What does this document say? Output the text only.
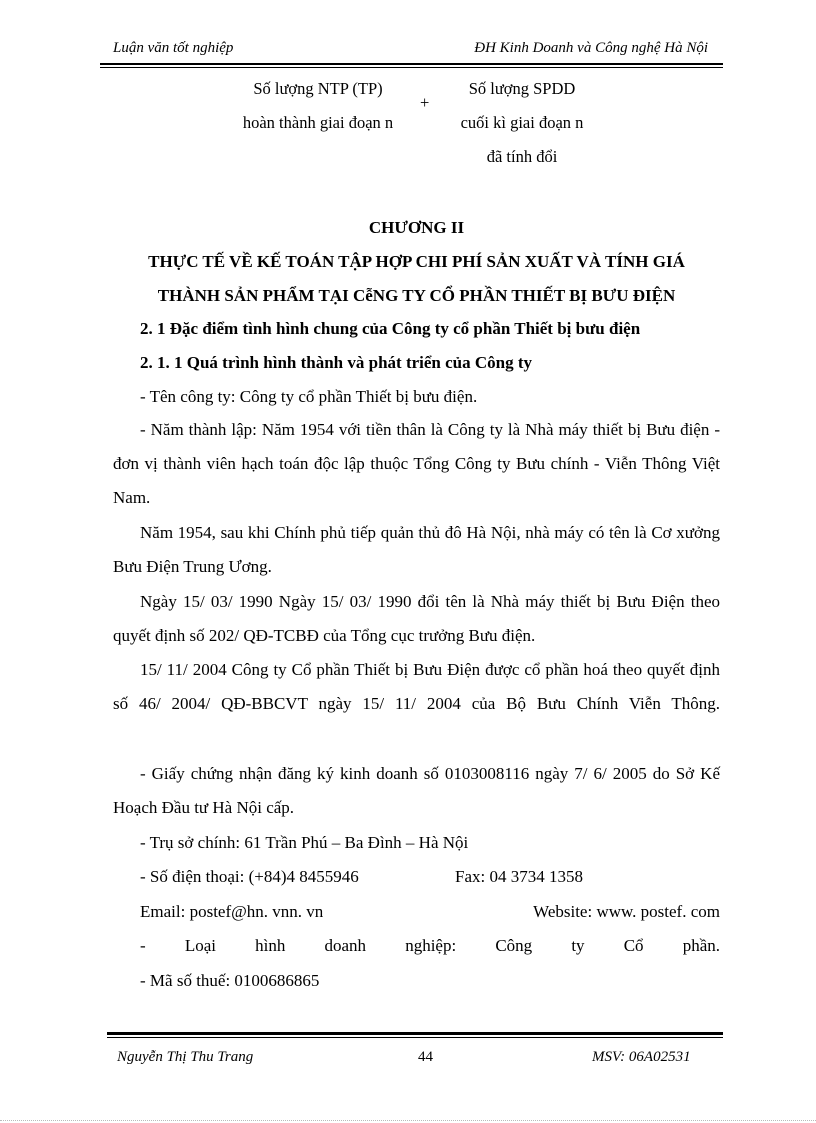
Luận văn tốt nghiệp	ĐH Kinh Doanh và Công nghệ Hà Nội
Số lượng NTP (TP)
hoàn thành giai đoạn n
+
Số lượng SPDD
cuối kì giai đoạn n
đã tính đổi
CHƯƠNG II
THỰC TẾ VỀ KẾ TOÁN TẬP HỢP CHI PHÍ SẢN XUẤT VÀ TÍNH GIÁ
THÀNH SẢN PHẨM TẠI CễNG TY CỔ PHẦN THIẾT BỊ BƯU ĐIỆN
2. 1 Đặc điểm tình hình chung của Công ty cổ phần Thiết bị bưu điện
2. 1. 1 Quá trình hình thành và phát triển của Công ty
- Tên công ty: Công ty cổ phần Thiết bị bưu điện.
- Năm thành lập: Năm 1954 với tiền thân là Công ty là Nhà máy thiết bị Bưu điện - đơn vị thành viên hạch toán độc lập thuộc Tổng Công ty Bưu chính - Viễn Thông Việt Nam.
Năm 1954, sau khi Chính phủ tiếp quản thủ đô Hà Nội, nhà máy có tên là Cơ xưởng Bưu Điện Trung Ương.
Ngày 15/ 03/ 1990 Ngày 15/ 03/ 1990 đổi tên là Nhà máy thiết bị Bưu Điện theo quyết định số 202/ QĐ-TCBĐ của Tổng cục trưởng Bưu điện.
15/ 11/ 2004 Công ty Cổ phần Thiết bị Bưu Điện được cổ phần hoá theo quyết định số 46/ 2004/ QĐ-BBCVT ngày 15/ 11/ 2004 của Bộ Bưu Chính Viễn Thông.
- Giấy chứng nhận đăng ký kinh doanh số 0103008116 ngày 7/ 6/ 2005 do Sở Kế Hoạch Đầu tư Hà Nội cấp.
- Trụ sở chính: 61 Trần Phú – Ba Đình – Hà Nội
- Số điện thoại: (+84)4 8455946	Fax: 04 3734 1358
Email: postef@hn. vnn. vn	Website: www. postef. com
- Loại hình doanh nghiệp: Công ty Cổ phần.
- Mã số thuế: 0100686865
Nguyễn Thị Thu Trang	44	MSV: 06A02531
